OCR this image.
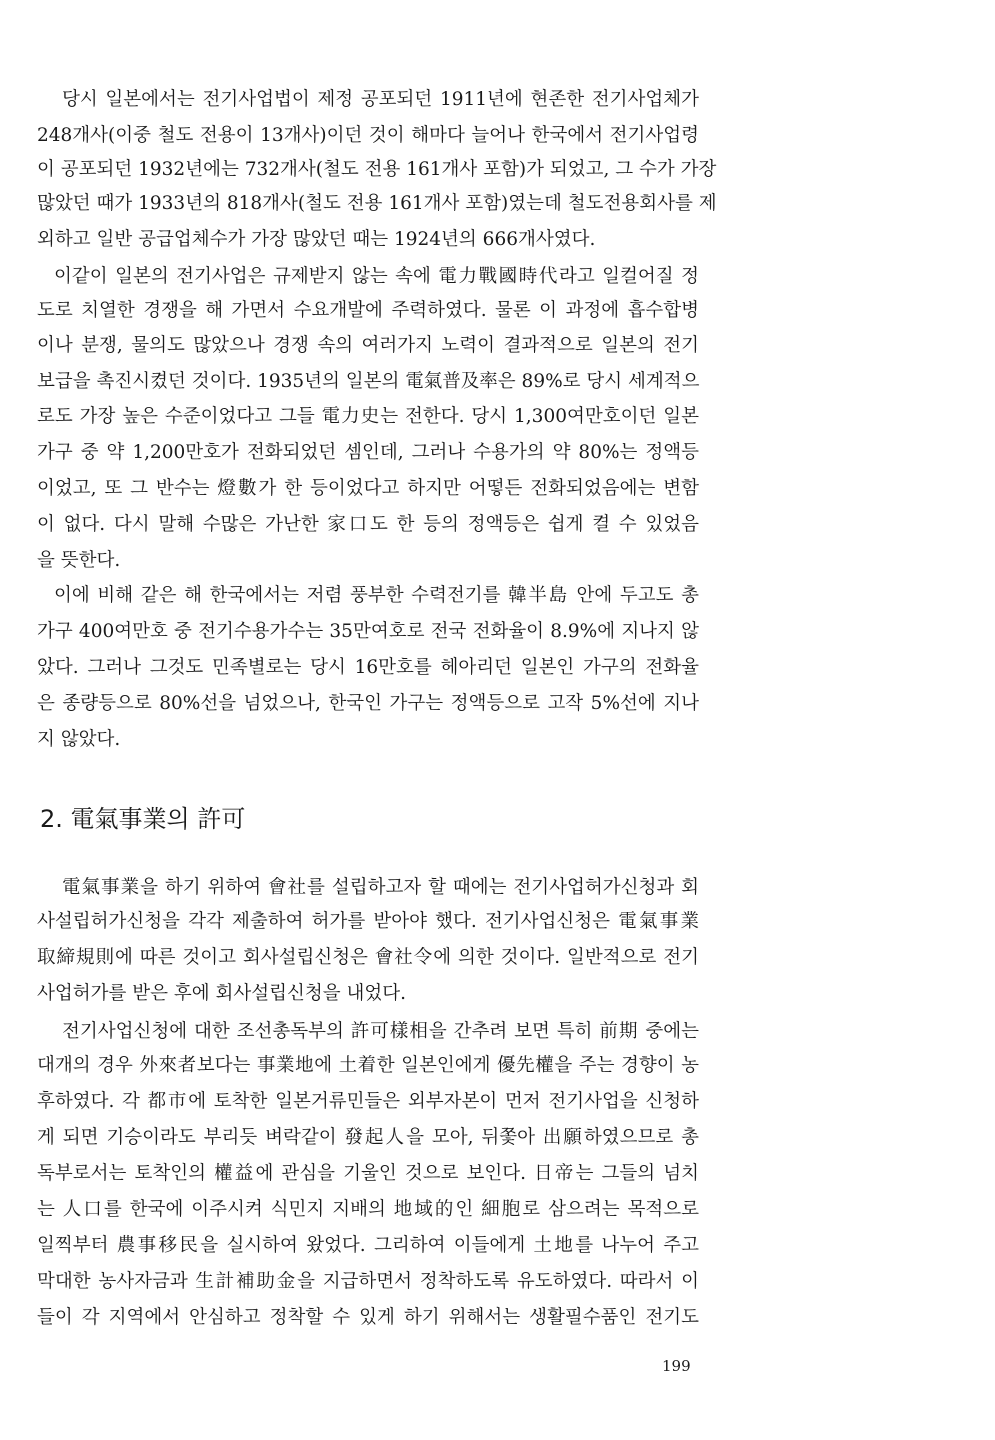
당시 일본에서는 전기사업법이 제정 공포되던 1911년에 현존한 전기사업체가
248개사(이중 철도 전용이 13개사)이던 것이 해마다 늘어나 한국에서 전기사업령
이 공포되던 1932년에는 732개사(철도 전용 161개사 포함)가 되었고, 그 수가 가장
많았던 때가 1933년의 818개사(철도 전용 161개사 포함)였는데 철도전용회사를 제
외하고 일반 공급업체수가 가장 많았던 때는 1924년의 666개사였다.
이같이 일본의 전기사업은 규제받지 않는 속에 電力戰國時代라고 일컬어질 정
도로 치열한 경쟁을 해 가면서 수요개발에 주력하였다. 물론 이 과정에 흡수합병
이나 분쟁, 물의도 많았으나 경쟁 속의 여러가지 노력이 결과적으로 일본의 전기
보급을 촉진시켰던 것이다. 1935년의 일본의 電氣普及率은 89%로 당시 세계적으
로도 가장 높은 수준이었다고 그들 電力史는 전한다. 당시 1,300여만호이던 일본
가구 중 약 1,200만호가 전화되었던 셈인데, 그러나 수용가의 약 80%는 정액등
이었고, 또 그 반수는 燈數가 한 등이었다고 하지만 어떻든 전화되었음에는 변함
이 없다. 다시 말해 수많은 가난한 家口도 한 등의 정액등은 쉽게 켤 수 있었음
을 뜻한다.
이에 비해 같은 해 한국에서는 저렴 풍부한 수력전기를 韓半島 안에 두고도 총
가구 400여만호 중 전기수용가수는 35만여호로 전국 전화율이 8.9%에 지나지 않
았다. 그러나 그것도 민족별로는 당시 16만호를 헤아리던 일본인 가구의 전화율
은 종량등으로 80%선을 넘었으나, 한국인 가구는 정액등으로 고작 5%선에 지나
지 않았다.
2. 電氣事業의 許可
電氣事業을 하기 위하여 會社를 설립하고자 할 때에는 전기사업허가신청과 회
사설립허가신청을 각각 제출하여 허가를 받아야 했다. 전기사업신청은 電氣事業
取締規則에 따른 것이고 회사설립신청은 會社令에 의한 것이다. 일반적으로 전기
사업허가를 받은 후에 회사설립신청을 내었다.
전기사업신청에 대한 조선총독부의 許可樣相을 간추려 보면 특히 前期 중에는
대개의 경우 外來者보다는 事業地에 土着한 일본인에게 優先權을 주는 경향이 농
후하였다. 각 都市에 토착한 일본거류민들은 외부자본이 먼저 전기사업을 신청하
게 되면 기승이라도 부리듯 벼락같이 發起人을 모아, 뒤쫓아 出願하였으므로 총
독부로서는 토착인의 權益에 관심을 기울인 것으로 보인다. 日帝는 그들의 넘치
는 人口를 한국에 이주시켜 식민지 지배의 地域的인 細胞로 삼으려는 목적으로
일찍부터 農事移民을 실시하여 왔었다. 그리하여 이들에게 土地를 나누어 주고
막대한 농사자금과 生計補助金을 지급하면서 정착하도록 유도하였다. 따라서 이
들이 각 지역에서 안심하고 정착할 수 있게 하기 위해서는 생활필수품인 전기도
199
